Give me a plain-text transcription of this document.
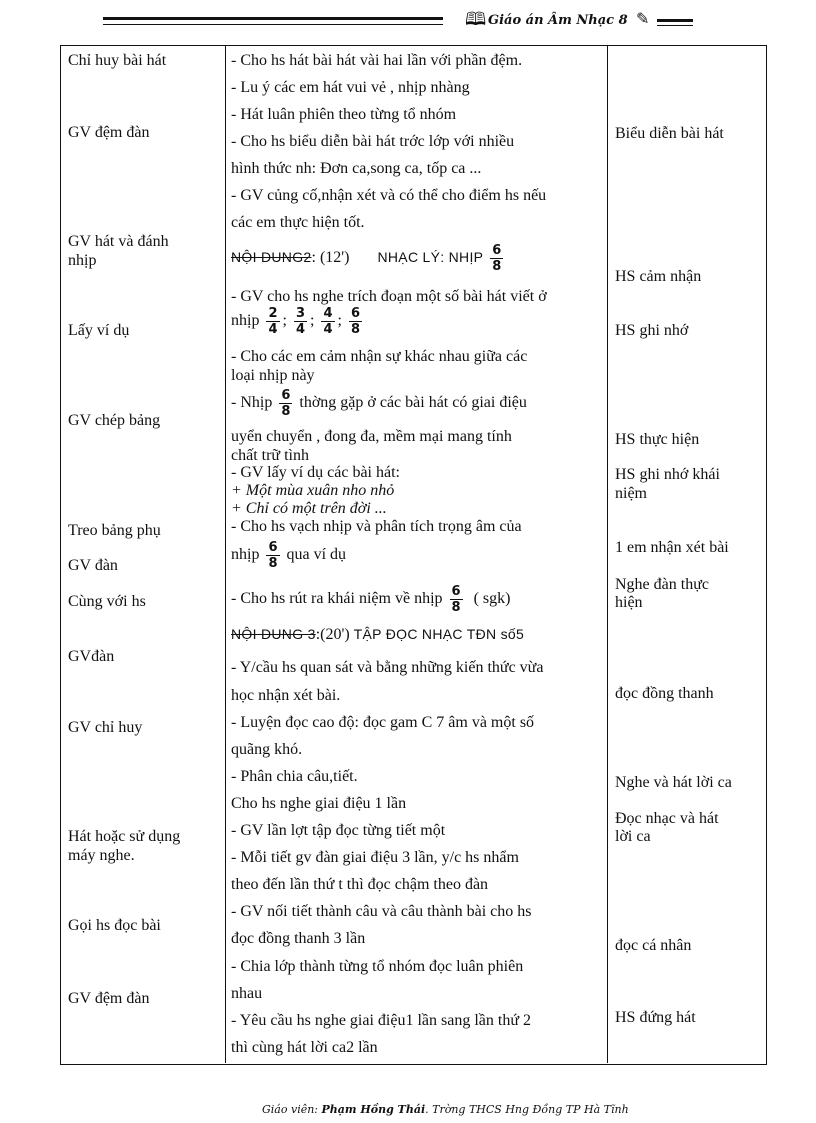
🕮 Giáo án Âm Nhạc 8 ✎
Chỉ huy bài hát
GV đệm đàn
GV hát và đánh
nhịp
Lấy ví dụ
GV chép bảng
Treo bảng phụ
GV đàn
Cùng với hs
GVđàn
GV chỉ huy
Hát hoặc sử dụng
máy nghe.
Gọi hs đọc bài
GV đệm đàn
- Cho hs hát bài hát vài hai lần với phần đệm.
- Lu ý các em hát vui vẻ , nhịp nhàng
- Hát luân phiên theo từng tổ nhóm
- Cho hs biểu diễn bài hát trớc lớp với nhiều
hình thức nh: Đơn ca,song ca, tốp ca ...
- GV củng cố,nhận xét và có thể cho điểm hs nếu
các em thực hiện tốt.
NỘI DUNG2: (12') NHẠC LÝ: NHỊP $\frac{6}{8}$
- GV cho hs nghe trích đoạn một số bài hát viết ở
nhịp $\frac{2}{4}$ ; $\frac{3}{4}$ ; $\frac{4}{4}$ ; $\frac{6}{8}$
- Cho các em cảm nhận sự khác nhau giữa các
loại nhịp này
- Nhịp $\frac{6}{8}$ thờng gặp ở các bài hát có giai điệu
uyển chuyển , đong đa, mềm mại mang tính
chất trữ tình
- GV lấy ví dụ các bài hát:
+ Một mùa xuân nho nhỏ
+ Chỉ có một trên đời ...
- Cho hs vạch nhịp và phân tích trọng âm của
nhịp $\frac{6}{8}$ qua ví dụ
- Cho hs rút ra khái niệm về nhịp $\frac{6}{8}$ ( sgk)
NỘI DUNG 3:(20') TẬP ĐỌC NHẠC TĐN số5
- Y/cầu hs quan sát và bằng những kiến thức vừa
học nhận xét bài.
- Luyện đọc cao độ: đọc gam C 7 âm và một số
quãng khó.
- Phân chia câu,tiết.
Cho hs nghe giai điệu 1 lần
- GV lần lợt tập đọc từng tiết một
- Mỗi tiết gv đàn giai điệu 3 lần, y/c hs nhẩm
theo đến lần thứ t thì đọc chậm theo đàn
- GV nối tiết thành câu và câu thành bài cho hs
đọc đồng thanh 3 lần
- Chia lớp thành từng tổ nhóm đọc luân phiên
nhau
- Yêu cầu hs nghe giai điệu1 lần sang lần thứ 2
thì cùng hát lời ca2 lần
Biểu diễn bài hát
HS cảm nhận
HS ghi nhớ
HS thực hiện
HS ghi nhớ khái
niệm
1 em nhận xét bài
Nghe đàn thực
hiện
đọc đồng thanh
Nghe và hát lời ca
Đọc nhạc và hát
lời ca
đọc cá nhân
HS đứng hát
Giáo viên: Phạm Hồng Thái. Trờng THCS Hng Đồng TP Hà Tĩnh
